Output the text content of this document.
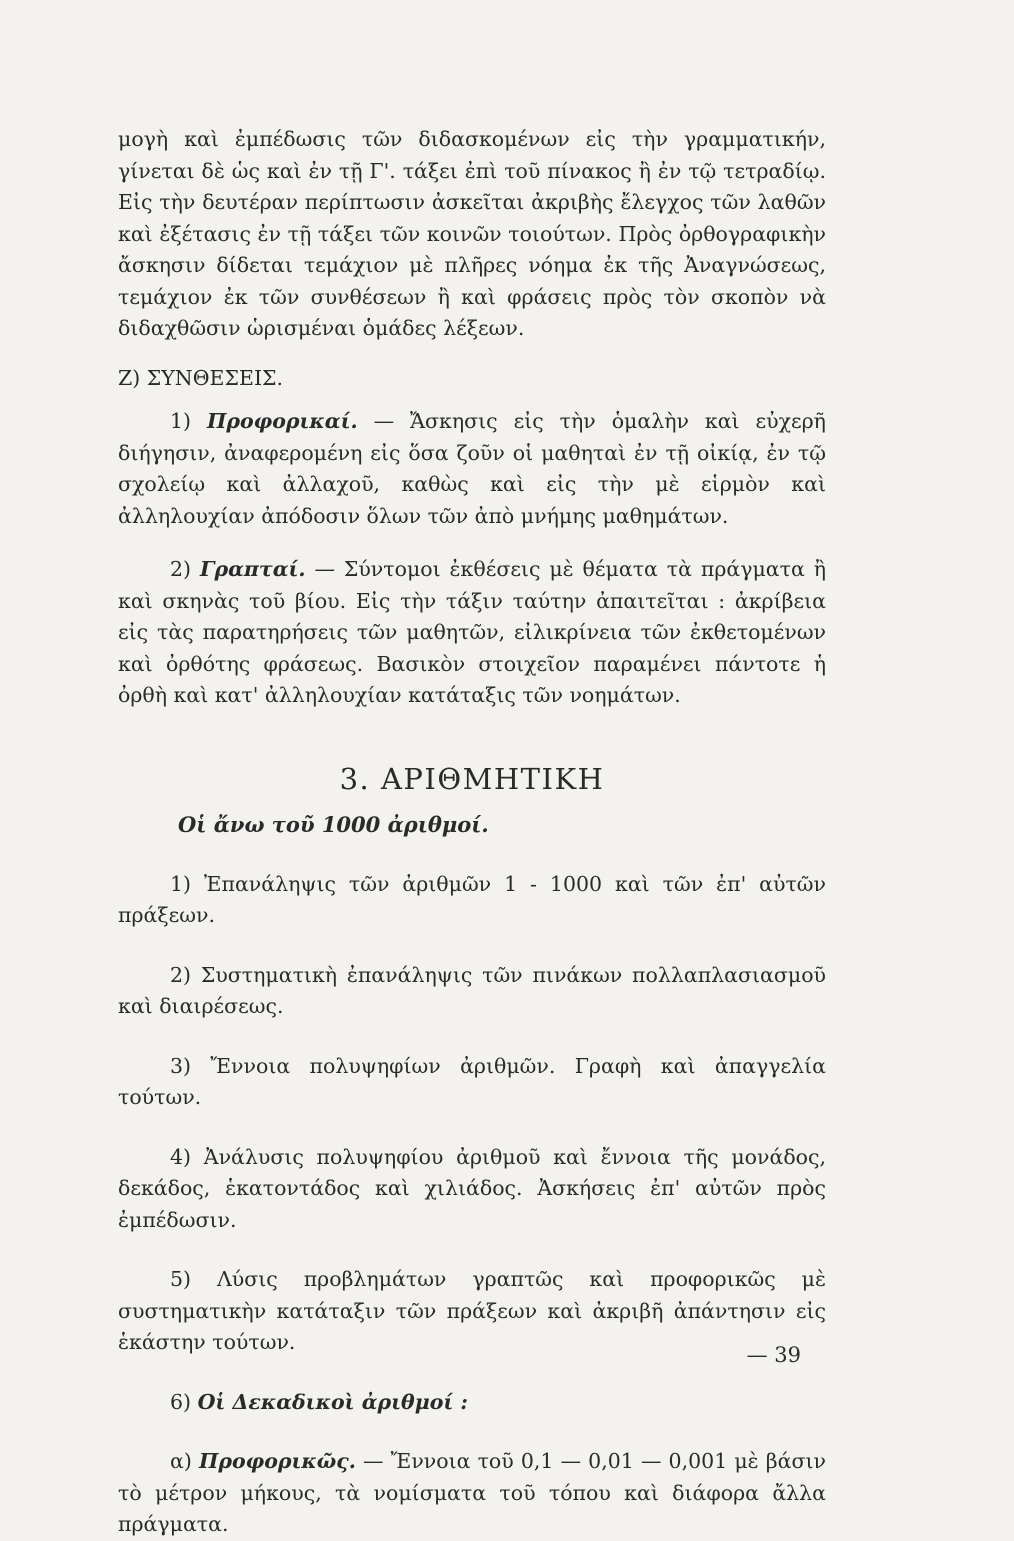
μογὴ καὶ ἐμπέδωσις τῶν διδασκομένων εἰς τὴν γραμματικήν, γίνεται δὲ ὡς καὶ ἐν τῇ Γ'. τάξει ἐπὶ τοῦ πίνακος ἢ ἐν τῷ τετραδίῳ. Εἰς τὴν δευτέραν περίπτωσιν ἀσκεῖται ἀκριβὴς ἔλεγχος τῶν λαθῶν καὶ ἐξέτασις ἐν τῇ τάξει τῶν κοινῶν τοιούτων. Πρὸς ὀρθογραφικὴν ἄσκησιν δίδεται τεμάχιον μὲ πλῆρες νόημα ἐκ τῆς Ἀναγνώσεως, τεμάχιον ἐκ τῶν συνθέσεων ἢ καὶ φράσεις πρὸς τὸν σκοπὸν νὰ διδαχθῶσιν ὡρισμέναι ὁμάδες λέξεων.

Ζ) ΣΥΝΘΕΣΕΙΣ.

1) Προφορικαί. — Ἄσκησις εἰς τὴν ὁμαλὴν καὶ εὐχερῆ διήγησιν, ἀναφερομένη εἰς ὅσα ζοῦν οἱ μαθηταὶ ἐν τῇ οἰκίᾳ, ἐν τῷ σχολείῳ καὶ ἀλλαχοῦ, καθὼς καὶ εἰς τὴν μὲ εἱρμὸν καὶ ἀλληλουχίαν ἀπόδοσιν ὅλων τῶν ἀπὸ μνήμης μαθημάτων.

2) Γραπταί. — Σύντομοι ἐκθέσεις μὲ θέματα τὰ πράγματα ἢ καὶ σκηνὰς τοῦ βίου. Εἰς τὴν τάξιν ταύτην ἀπαιτεῖται : ἀκρίβεια εἰς τὰς παρατηρήσεις τῶν μαθητῶν, εἰλικρίνεια τῶν ἐκθετομένων καὶ ὀρθότης φράσεως. Βασικὸν στοιχεῖον παραμένει πάντοτε ἡ ὀρθὴ καὶ κατ' ἀλληλουχίαν κατάταξις τῶν νοημάτων.

3. ΑΡΙΘΜΗΤΙΚΗ

Οἱ ἄνω τοῦ 1000 ἀριθμοί.

1) Ἐπανάληψις τῶν ἀριθμῶν 1 - 1000 καὶ τῶν ἐπ' αὐτῶν πράξεων.

2) Συστηματικὴ ἐπανάληψις τῶν πινάκων πολλαπλασιασμοῦ καὶ διαιρέσεως.

3) Ἔννοια πολυψηφίων ἀριθμῶν. Γραφὴ καὶ ἀπαγγελία τούτων.

4) Ἀνάλυσις πολυψηφίου ἀριθμοῦ καὶ ἔννοια τῆς μονάδος, δεκάδος, ἑκατοντάδος καὶ χιλιάδος. Ἀσκήσεις ἐπ' αὐτῶν πρὸς ἐμπέδωσιν.

5) Λύσις προβλημάτων γραπτῶς καὶ προφορικῶς μὲ συστηματικὴν κατάταξιν τῶν πράξεων καὶ ἀκριβῆ ἀπάντησιν εἰς ἑκάστην τούτων.

6) Οἱ Δεκαδικοὶ ἀριθμοί :

α) Προφορικῶς. — Ἔννοια τοῦ 0,1 — 0,01 — 0,001 μὲ βάσιν τὸ μέτρον μήκους, τὰ νομίσματα τοῦ τόπου καὶ διάφορα ἄλλα πράγματα.

— 39
